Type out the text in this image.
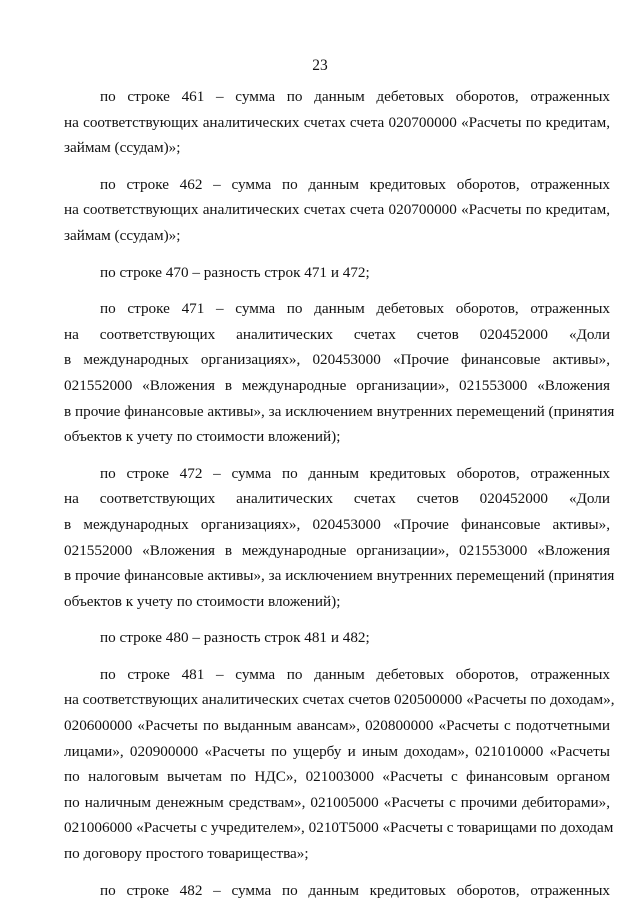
23

по строке 461 – сумма по данным дебетовых оборотов, отраженных
на соответствующих аналитических счетах счета 020700000 «Расчеты по кредитам,
займам (ссудам)»;

по строке 462 – сумма по данным кредитовых оборотов, отраженных
на соответствующих аналитических счетах счета 020700000 «Расчеты по кредитам,
займам (ссудам)»;

по строке 470 – разность строк 471 и 472;

по строке 471 – сумма по данным дебетовых оборотов, отраженных
на соответствующих аналитических счетах счетов 020452000 «Доли
в международных организациях», 020453000 «Прочие финансовые активы»,
021552000 «Вложения в международные организации», 021553000 «Вложения
в прочие финансовые активы», за исключением внутренних перемещений (принятия
объектов к учету по стоимости вложений);

по строке 472 – сумма по данным кредитовых оборотов, отраженных
на соответствующих аналитических счетах счетов 020452000 «Доли
в международных организациях», 020453000 «Прочие финансовые активы»,
021552000 «Вложения в международные организации», 021553000 «Вложения
в прочие финансовые активы», за исключением внутренних перемещений (принятия
объектов к учету по стоимости вложений);

по строке 480 – разность строк 481 и 482;

по строке 481 – сумма по данным дебетовых оборотов, отраженных
на соответствующих аналитических счетах счетов 020500000 «Расчеты по доходам»,
020600000 «Расчеты по выданным авансам», 020800000 «Расчеты с подотчетными
лицами», 020900000 «Расчеты по ущербу и иным доходам», 021010000 «Расчеты
по налоговым вычетам по НДС», 021003000 «Расчеты с финансовым органом
по наличным денежным средствам», 021005000 «Расчеты с прочими дебиторами»,
021006000 «Расчеты с учредителем», 0210Т5000 «Расчеты с товарищами по доходам
по договору простого товарищества»;

по строке 482 – сумма по данным кредитовых оборотов, отраженных
